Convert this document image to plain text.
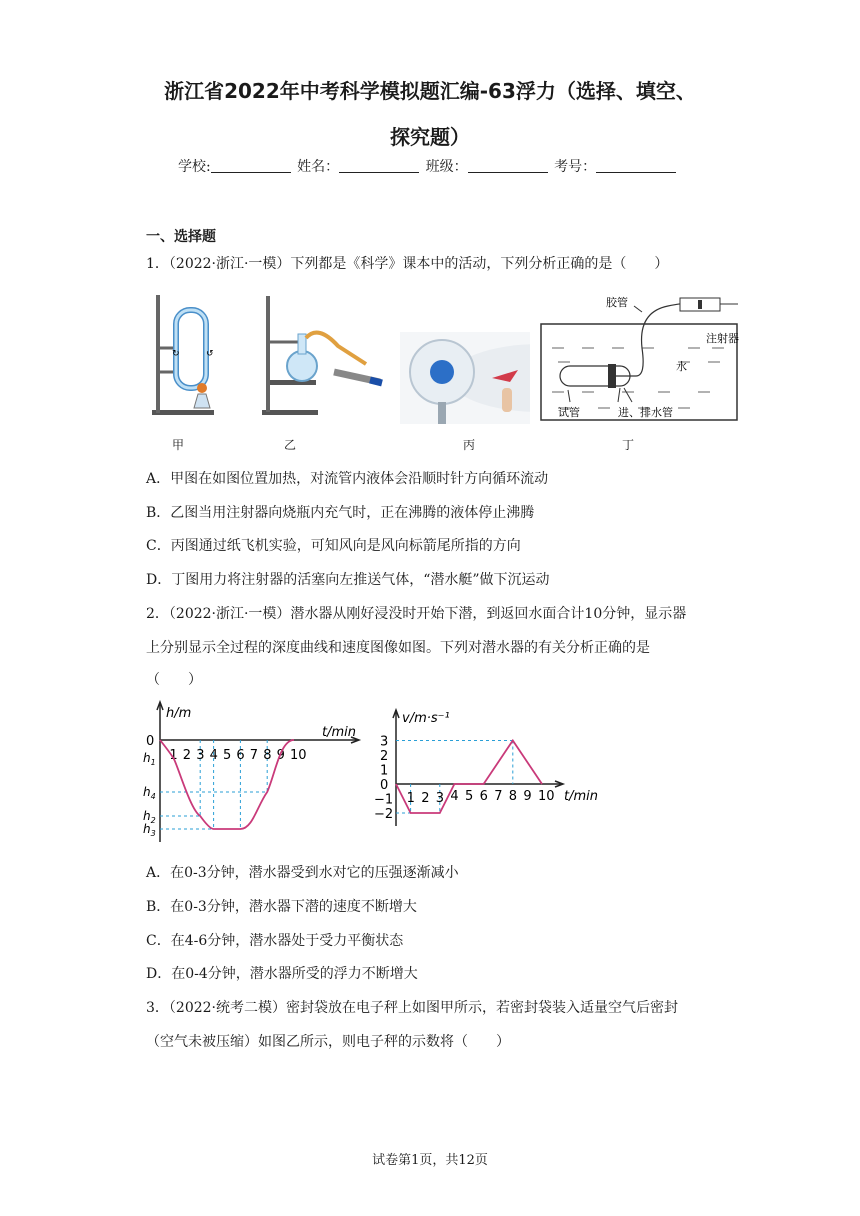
浙江省2022年中考科学模拟题汇编-63浮力（选择、填空、
探究题）
学校:	姓名：	班级：	考号：
一、选择题
1．（2022·浙江·一模）下列都是《科学》课本中的活动，下列分析正确的是（　　）
↻	↺
甲	乙	丙
胶管
注射器
水
试管	进、排水管
丁
A．甲图在如图位置加热，对流管内液体会沿顺时针方向循环流动
B．乙图当用注射器向烧瓶内充气时，正在沸腾的液体停止沸腾
C．丙图通过纸飞机实验，可知风向是风向标箭尾所指的方向
D．丁图用力将注射器的活塞向左推送气体，“潜水艇”做下沉运动
2．（2022·浙江·一模）潜水器从刚好浸没时开始下潜，到返回水面合计10分钟，显示器
上分别显示全过程的深度曲线和速度图像如图。下列对潜水器的有关分析正确的是
（　　）
h/m
t/min
0
1 2 3 4 5 6 7 8 9 10
$h_1$
$h_4$
$h_2$
$h_3$
v/m·s⁻¹
t/min
1 2 3 4 5 6 7 8 9 10
3
2
1
0
−1
−2
A．在0-3分钟，潜水器受到水对它的压强逐渐减小
B．在0-3分钟，潜水器下潜的速度不断增大
C．在4-6分钟，潜水器处于受力平衡状态
D．在0-4分钟，潜水器所受的浮力不断增大
3．（2022·统考二模）密封袋放在电子秤上如图甲所示，若密封袋装入适量空气后密封
（空气未被压缩）如图乙所示，则电子秤的示数将（　　）
试卷第1页，共12页
